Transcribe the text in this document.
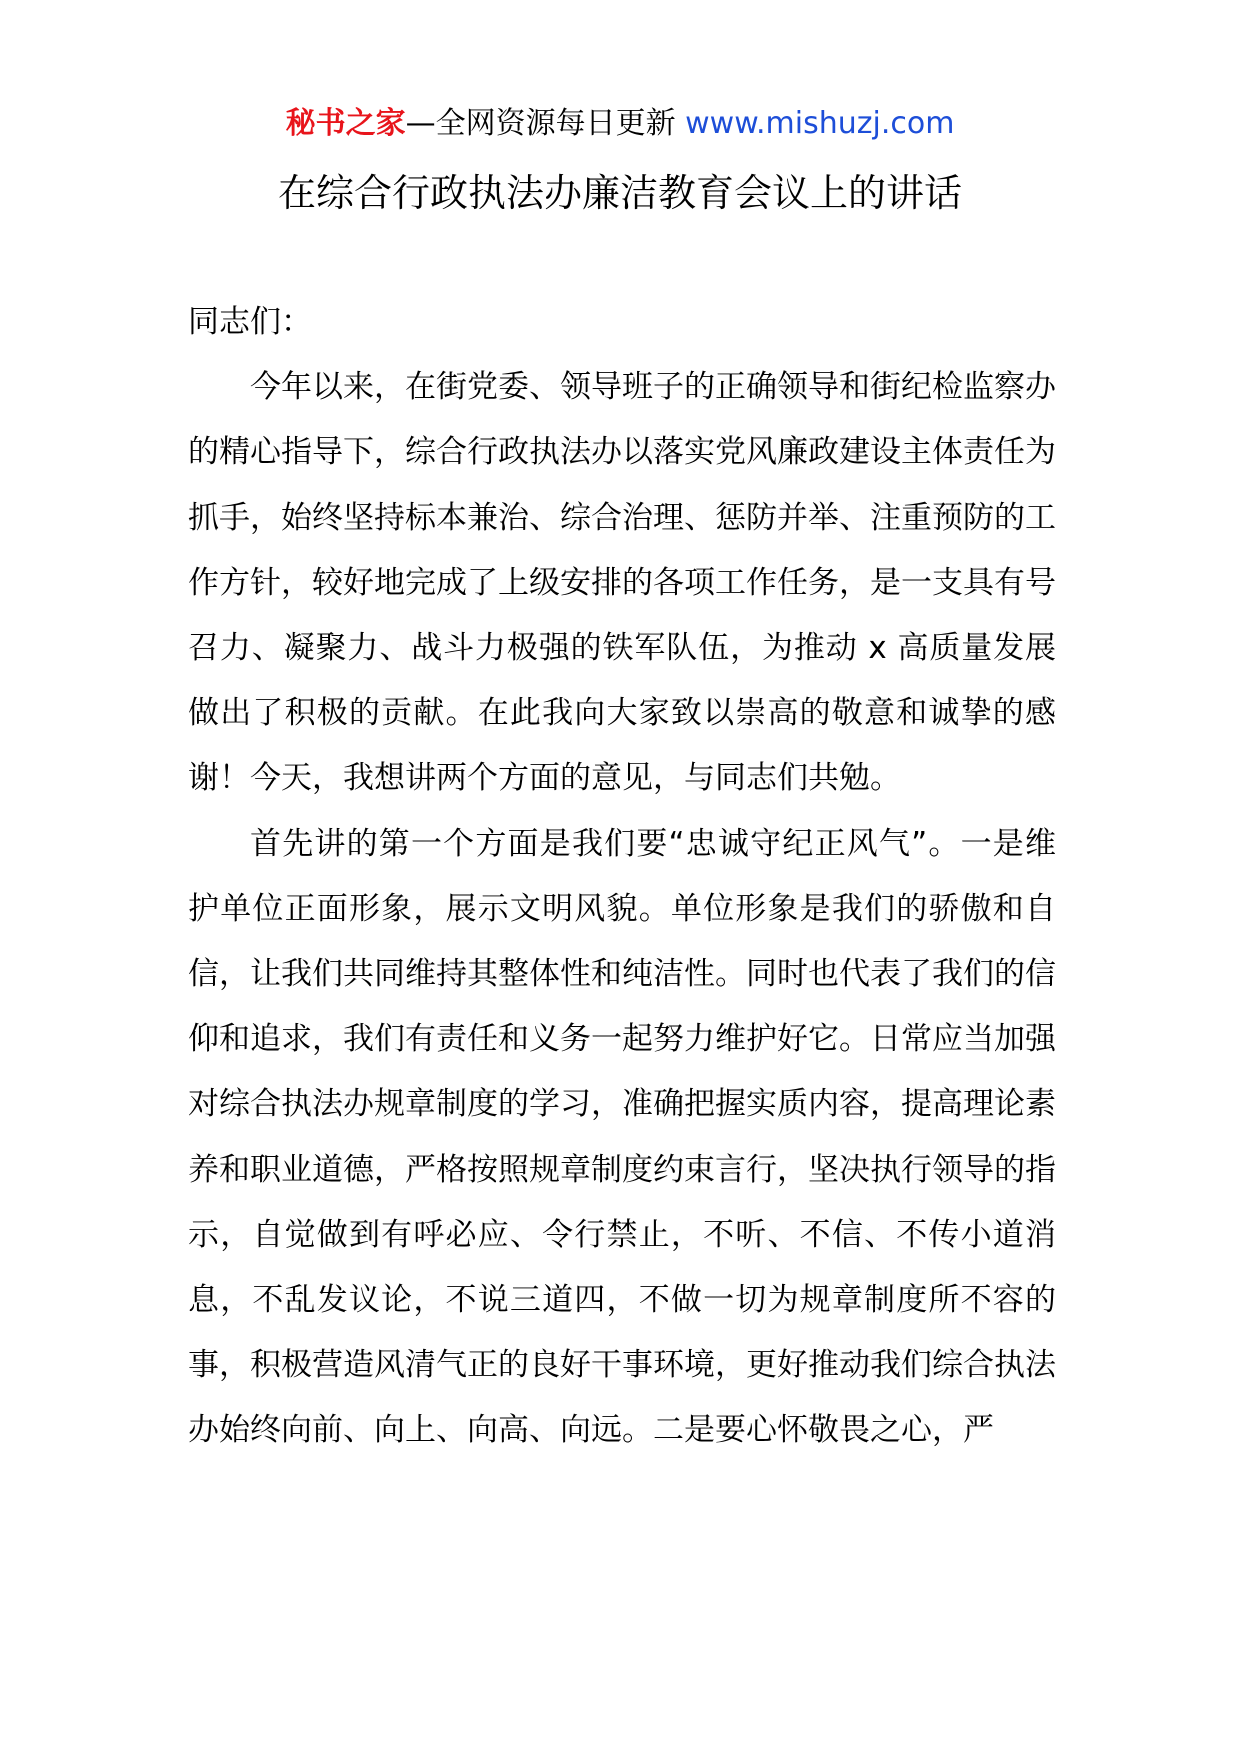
秘书之家—全网资源每日更新 www.mishuzj.com
在综合行政执法办廉洁教育会议上的讲话

同志们：

今年以来，在街党委、领导班子的正确领导和街纪检监察办的精心指导下，综合行政执法办以落实党风廉政建设主体责任为抓手，始终坚持标本兼治、综合治理、惩防并举、注重预防的工作方针，较好地完成了上级安排的各项工作任务，是一支具有号召力、凝聚力、战斗力极强的铁军队伍，为推动 x 高质量发展做出了积极的贡献。在此我向大家致以崇高的敬意和诚挚的感谢！今天，我想讲两个方面的意见，与同志们共勉。

首先讲的第一个方面是我们要“忠诚守纪正风气”。一是维护单位正面形象，展示文明风貌。单位形象是我们的骄傲和自信，让我们共同维持其整体性和纯洁性。同时也代表了我们的信仰和追求，我们有责任和义务一起努力维护好它。日常应当加强对综合执法办规章制度的学习，准确把握实质内容，提高理论素养和职业道德，严格按照规章制度约束言行，坚决执行领导的指示，自觉做到有呼必应、令行禁止，不听、不信、不传小道消息，不乱发议论，不说三道四，不做一切为规章制度所不容的事，积极营造风清气正的良好干事环境，更好推动我们综合执法办始终向前、向上、向高、向远。二是要心怀敬畏之心，严
